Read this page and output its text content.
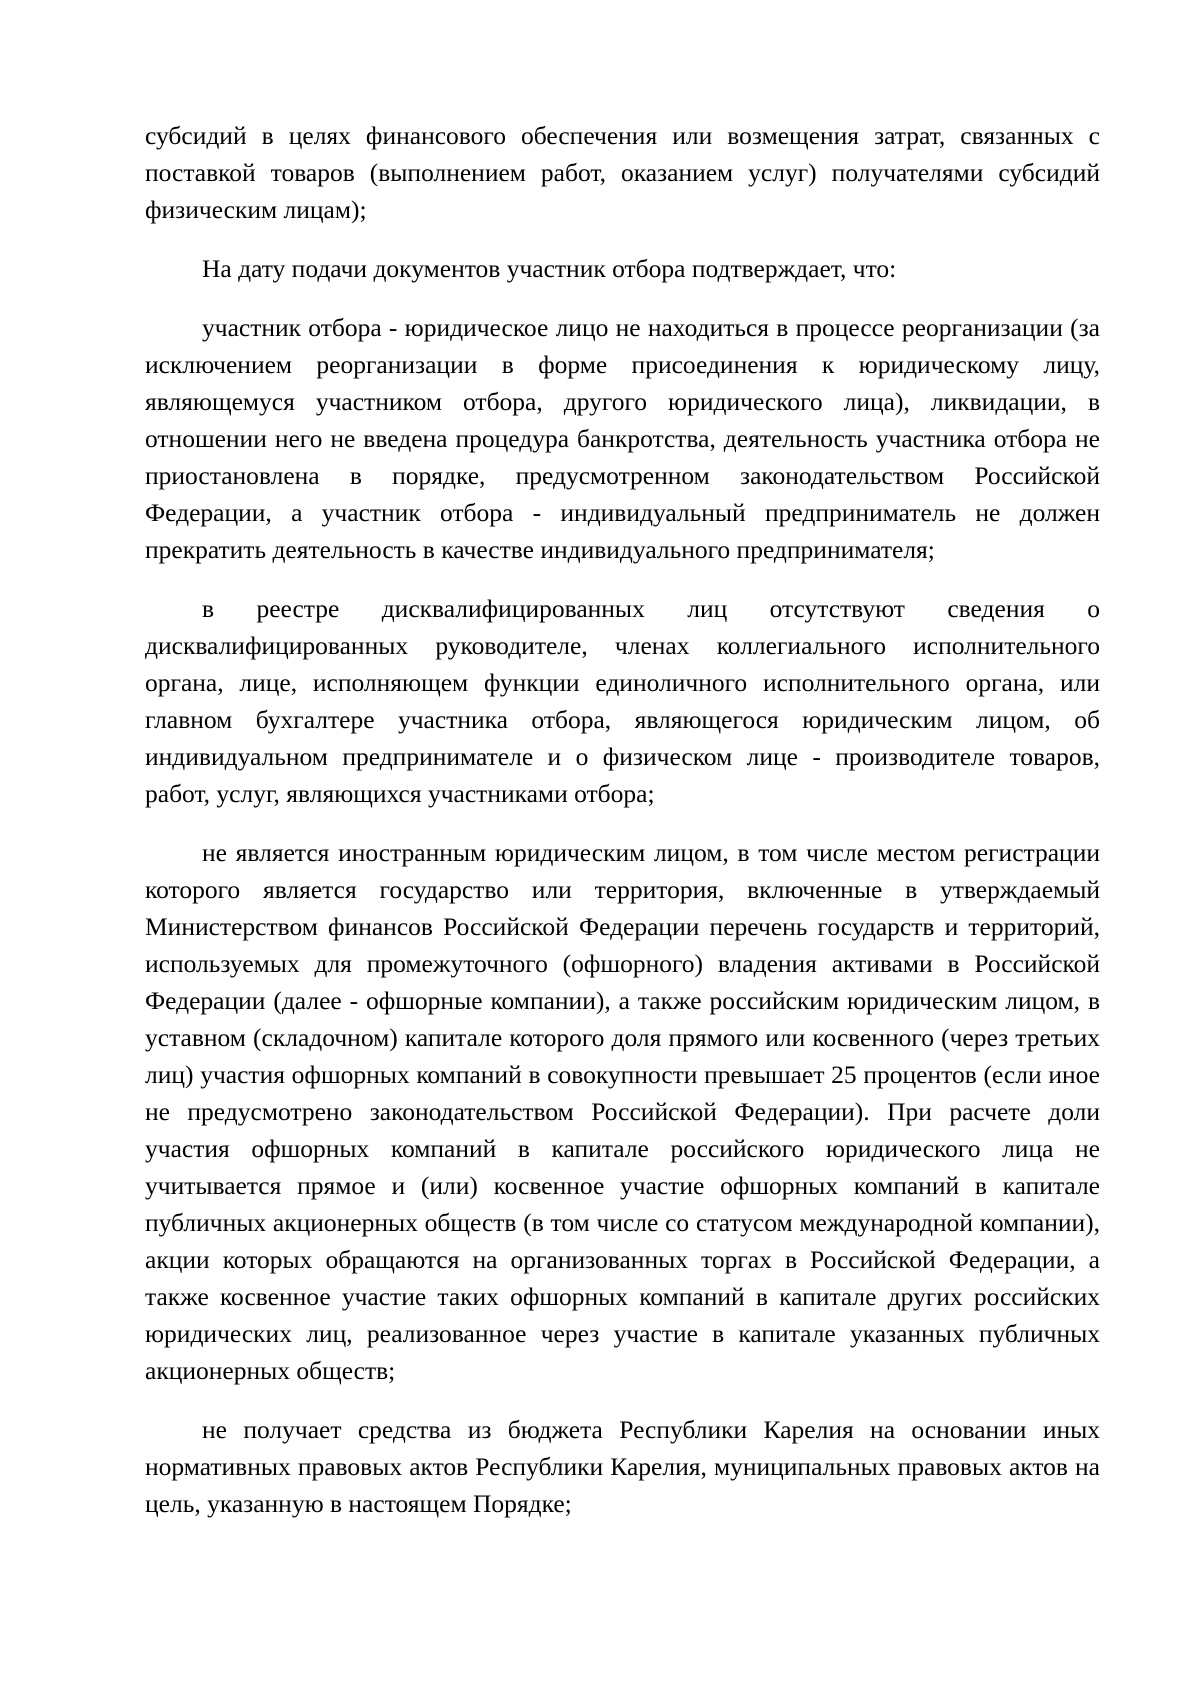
субсидий в целях финансового обеспечения или возмещения затрат, связанных с поставкой товаров (выполнением работ, оказанием услуг) получателями субсидий физическим лицам);

На дату подачи документов участник отбора подтверждает, что:

участник отбора - юридическое лицо не находиться в процессе реорганизации (за исключением реорганизации в форме присоединения к юридическому лицу, являющемуся участником отбора, другого юридического лица), ликвидации, в отношении него не введена процедура банкротства, деятельность участника отбора не приостановлена в порядке, предусмотренном законодательством Российской Федерации, а участник отбора - индивидуальный предприниматель не должен прекратить деятельность в качестве индивидуального предпринимателя;

в реестре дисквалифицированных лиц отсутствуют сведения о дисквалифицированных руководителе, членах коллегиального исполнительного органа, лице, исполняющем функции единоличного исполнительного органа, или главном бухгалтере участника отбора, являющегося юридическим лицом, об индивидуальном предпринимателе и о физическом лице - производителе товаров, работ, услуг, являющихся участниками отбора;

не является иностранным юридическим лицом, в том числе местом регистрации которого является государство или территория, включенные в утверждаемый Министерством финансов Российской Федерации перечень государств и территорий, используемых для промежуточного (офшорного) владения активами в Российской Федерации (далее - офшорные компании), а также российским юридическим лицом, в уставном (складочном) капитале которого доля прямого или косвенного (через третьих лиц) участия офшорных компаний в совокупности превышает 25 процентов (если иное не предусмотрено законодательством Российской Федерации). При расчете доли участия офшорных компаний в капитале российского юридического лица не учитывается прямое и (или) косвенное участие офшорных компаний в капитале публичных акционерных обществ (в том числе со статусом международной компании), акции которых обращаются на организованных торгах в Российской Федерации, а также косвенное участие таких офшорных компаний в капитале других российских юридических лиц, реализованное через участие в капитале указанных публичных акционерных обществ;

не получает средства из бюджета Республики Карелия на основании иных нормативных правовых актов Республики Карелия, муниципальных правовых актов на цель, указанную в настоящем Порядке;
